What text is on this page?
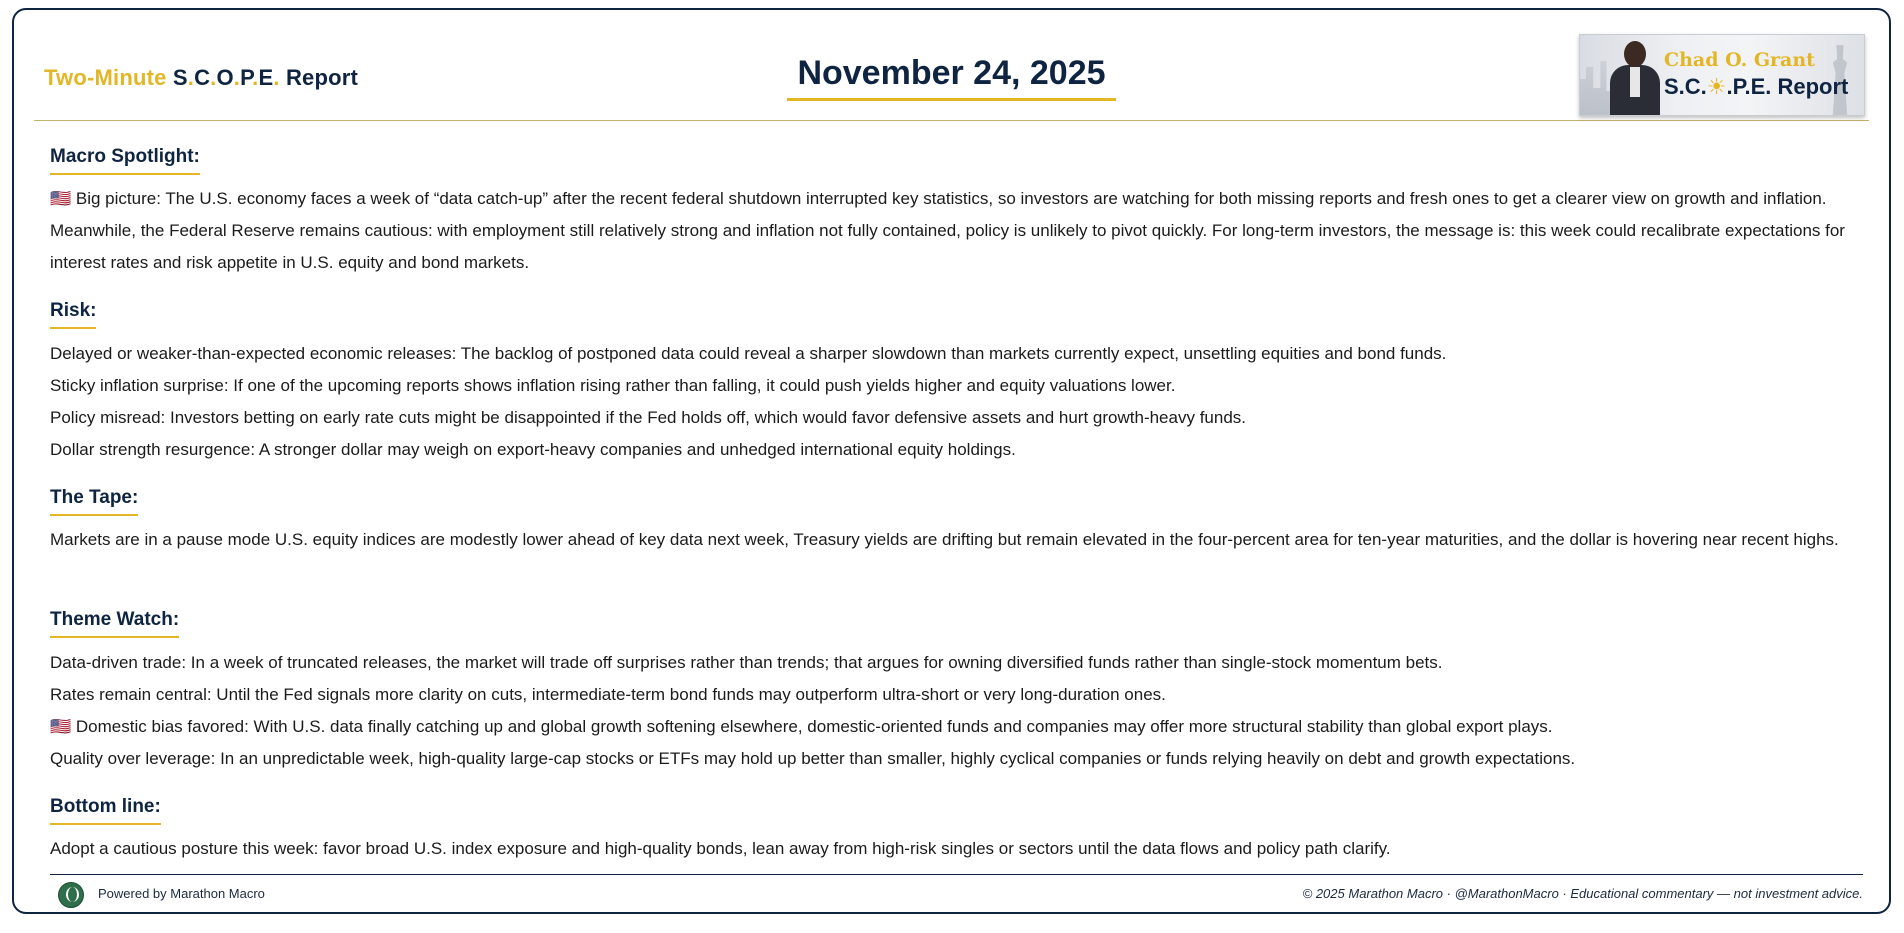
Two-Minute S.C.O.P.E. Report	November 24, 2025	Chad O. Grant
S.C.☀.P.E. Report
Macro Spotlight:

🇺🇸 Big picture: The U.S. economy faces a week of “data catch-up” after the recent federal shutdown interrupted key statistics, so investors are watching for both missing reports and fresh ones to get a clearer view on growth and inflation. Meanwhile, the Federal Reserve remains cautious: with employment still relatively strong and inflation not fully contained, policy is unlikely to pivot quickly. For long-term investors, the message is: this week could recalibrate expectations for interest rates and risk appetite in U.S. equity and bond markets.

Risk:

Delayed or weaker-than-expected economic releases: The backlog of postponed data could reveal a sharper slowdown than markets currently expect, unsettling equities and bond funds.

Sticky inflation surprise: If one of the upcoming reports shows inflation rising rather than falling, it could push yields higher and equity valuations lower.

Policy misread: Investors betting on early rate cuts might be disappointed if the Fed holds off, which would favor defensive assets and hurt growth-heavy funds.

Dollar strength resurgence: A stronger dollar may weigh on export-heavy companies and unhedged international equity holdings.

The Tape:

Markets are in a pause mode U.S. equity indices are modestly lower ahead of key data next week, Treasury yields are drifting but remain elevated in the four-percent area for ten-year maturities, and the dollar is hovering near recent highs.

Theme Watch:

Data-driven trade: In a week of truncated releases, the market will trade off surprises rather than trends; that argues for owning diversified funds rather than single-stock momentum bets.

Rates remain central: Until the Fed signals more clarity on cuts, intermediate-term bond funds may outperform ultra-short or very long-duration ones.

🇺🇸 Domestic bias favored: With U.S. data finally catching up and global growth softening elsewhere, domestic-oriented funds and companies may offer more structural stability than global export plays.

Quality over leverage: In an unpredictable week, high-quality large-cap stocks or ETFs may hold up better than smaller, highly cyclical companies or funds relying heavily on debt and growth expectations.

Bottom line:

Adopt a cautious posture this week: favor broad U.S. index exposure and high-quality bonds, lean away from high-risk singles or sectors until the data flows and policy path clarify.

Powered by Marathon Macro	© 2025 Marathon Macro · @MarathonMacro · Educational commentary — not investment advice.
